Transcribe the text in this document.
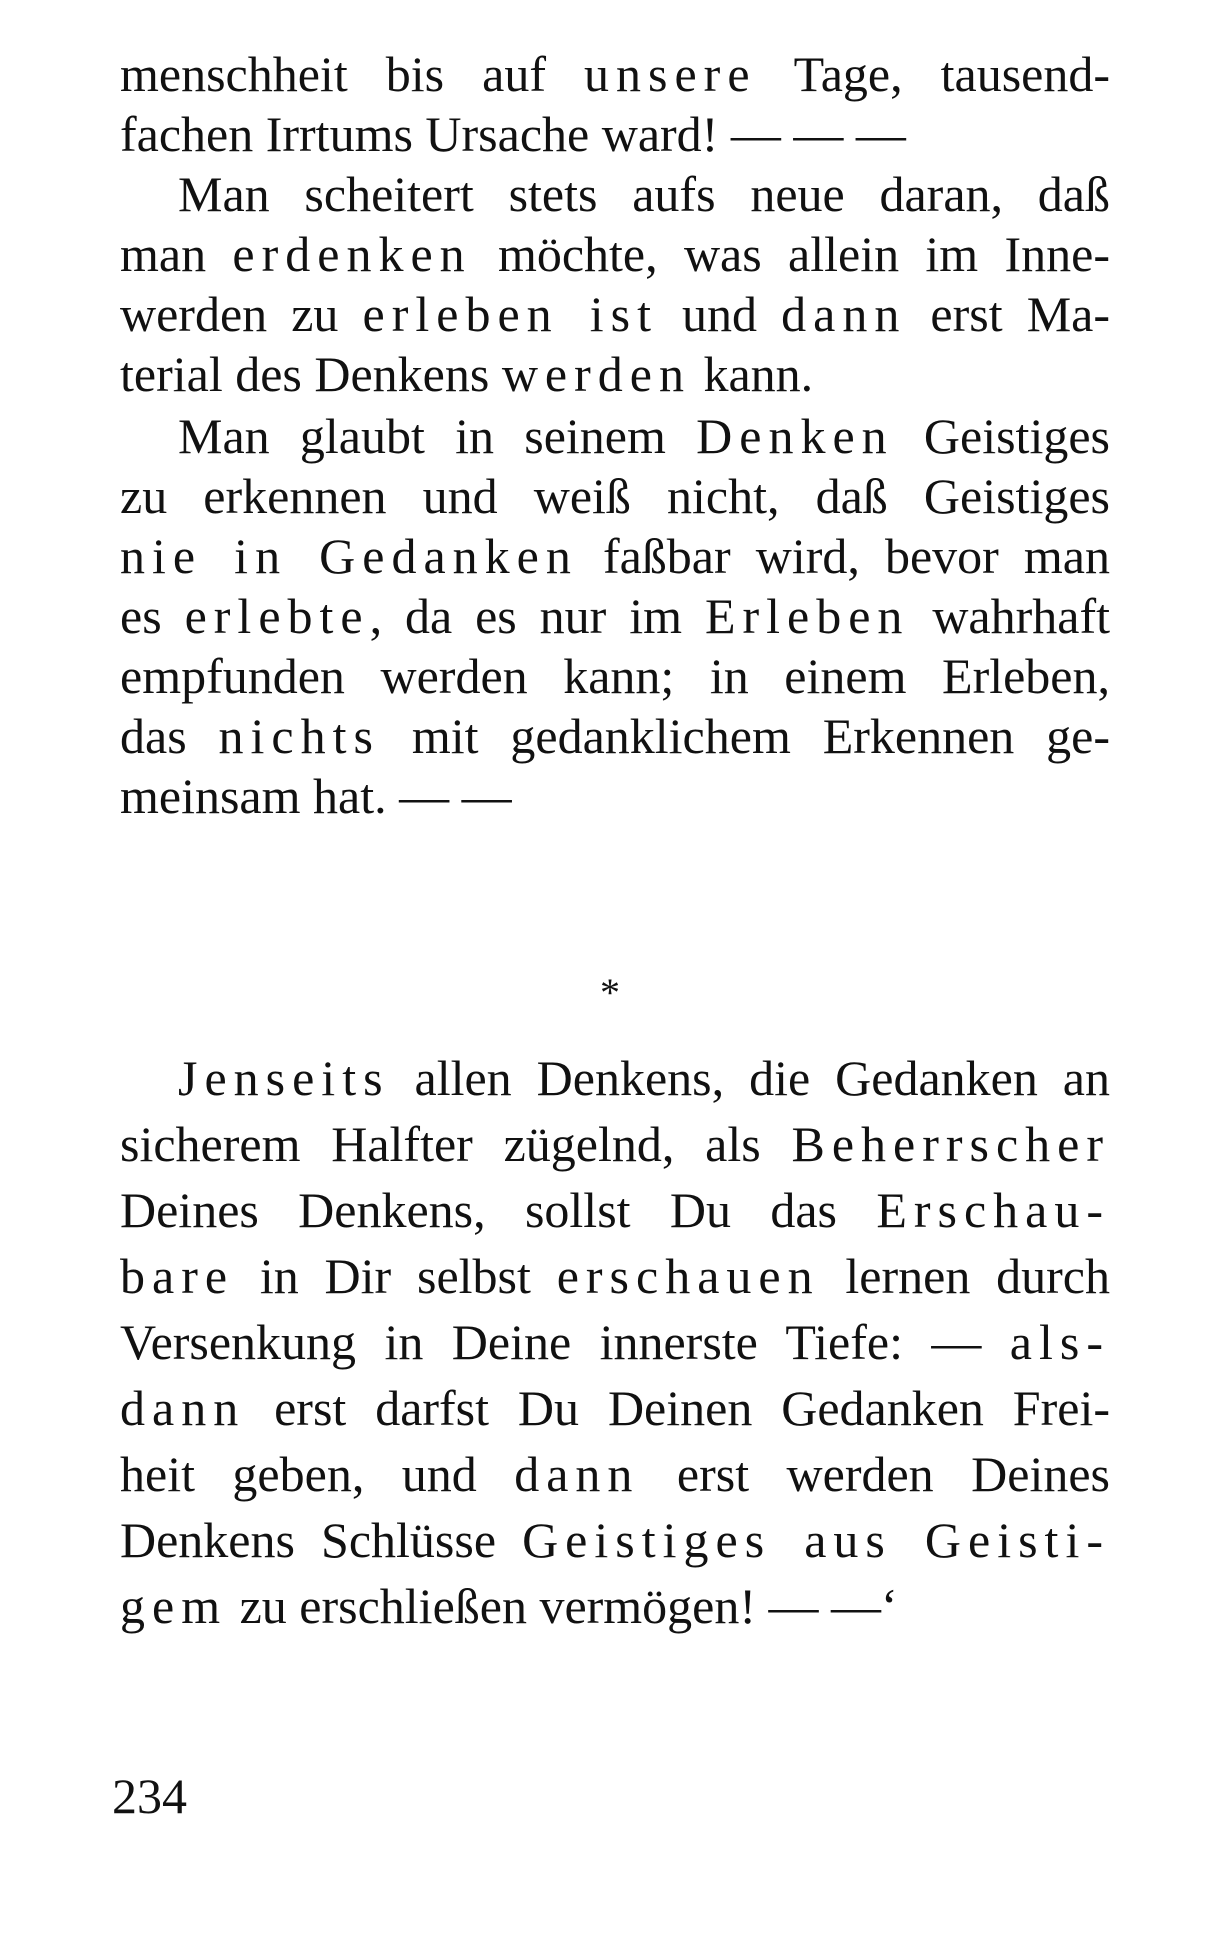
menschheit bis auf unsere Tage, tausend-
fachen Irrtums Ursache ward! — — —
Man scheitert stets aufs neue daran, daß
man erdenken möchte, was allein im Inne-
werden zu erleben ist und dann erst Ma-
terial des Denkens werden kann.
Man glaubt in seinem Denken Geistiges
zu erkennen und weiß nicht, daß Geistiges
nie in Gedanken faßbar wird, bevor man
es erlebte, da es nur im Erleben wahrhaft
empfunden werden kann; in einem Erleben,
das nichts mit gedanklichem Erkennen ge-
meinsam hat. — —
*
Jenseits allen Denkens, die Gedanken an
sicherem Halfter zügelnd, als Beherrscher
Deines Denkens, sollst Du das Erschau-
bare in Dir selbst erschauen lernen durch
Versenkung in Deine innerste Tiefe: — als-
dann erst darfst Du Deinen Gedanken Frei-
heit geben, und dann erst werden Deines
Denkens Schlüsse Geistiges aus Geisti-
gem zu erschließen vermögen! — —‘
234
